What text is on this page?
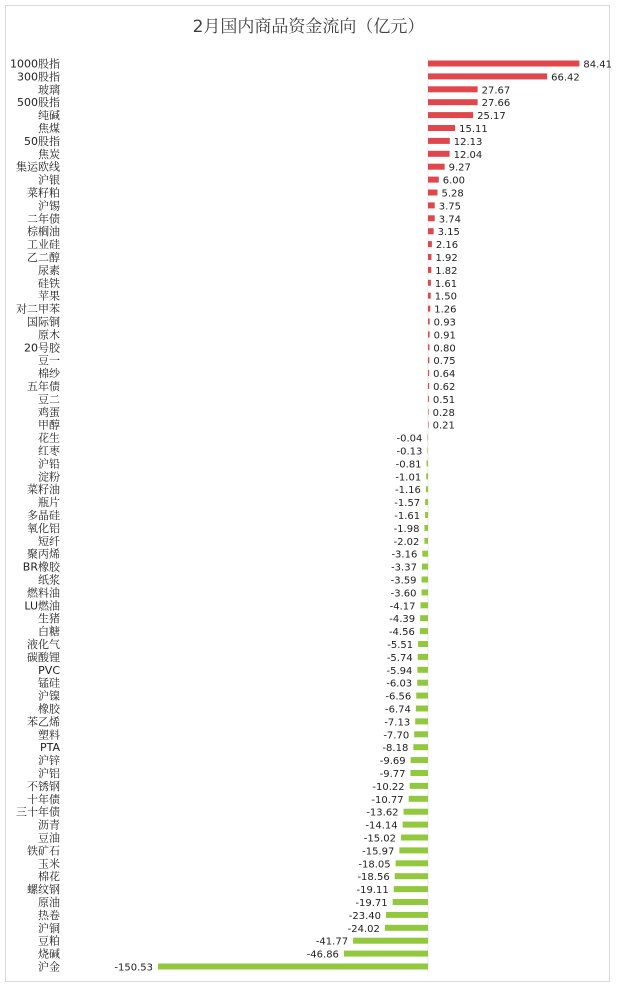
2月国内商品资金流向（亿元）
1000股指	84.41
300股指	66.42
玻璃	27.67
500股指	27.66
纯碱	25.17
焦煤	15.11
50股指	12.13
焦炭	12.04
集运欧线	9.27
沪银	6.00
菜籽粕	5.28
沪锡	3.75
二年债	3.74
棕榈油	3.15
工业硅	2.16
乙二醇	1.92
尿素	1.82
硅铁	1.61
苹果	1.50
对二甲苯	1.26
国际铜	0.93
原木	0.91
20号胶	0.80
豆一	0.75
棉纱	0.64
五年债	0.62
豆二	0.51
鸡蛋	0.28
甲醇	0.21
花生	-0.04
红枣	-0.13
沪铅	-0.81
淀粉	-1.01
菜籽油	-1.16
瓶片	-1.57
多晶硅	-1.61
氧化铝	-1.98
短纤	-2.02
聚丙烯	-3.16
BR橡胶	-3.37
纸浆	-3.59
燃料油	-3.60
LU燃油	-4.17
生猪	-4.39
白糖	-4.56
液化气	-5.51
碳酸锂	-5.74
PVC	-5.94
锰硅	-6.03
沪镍	-6.56
橡胶	-6.74
苯乙烯	-7.13
塑料	-7.70
PTA	-8.18
沪锌	-9.69
沪铝	-9.77
不锈钢	-10.22
十年债	-10.77
三十年债	-13.62
沥青	-14.14
豆油	-15.02
铁矿石	-15.97
玉米	-18.05
棉花	-18.56
螺纹钢	-19.11
原油	-19.71
热卷	-23.40
沪铜	-24.02
豆粕	-41.77
烧碱	-46.86
沪金	-150.53
